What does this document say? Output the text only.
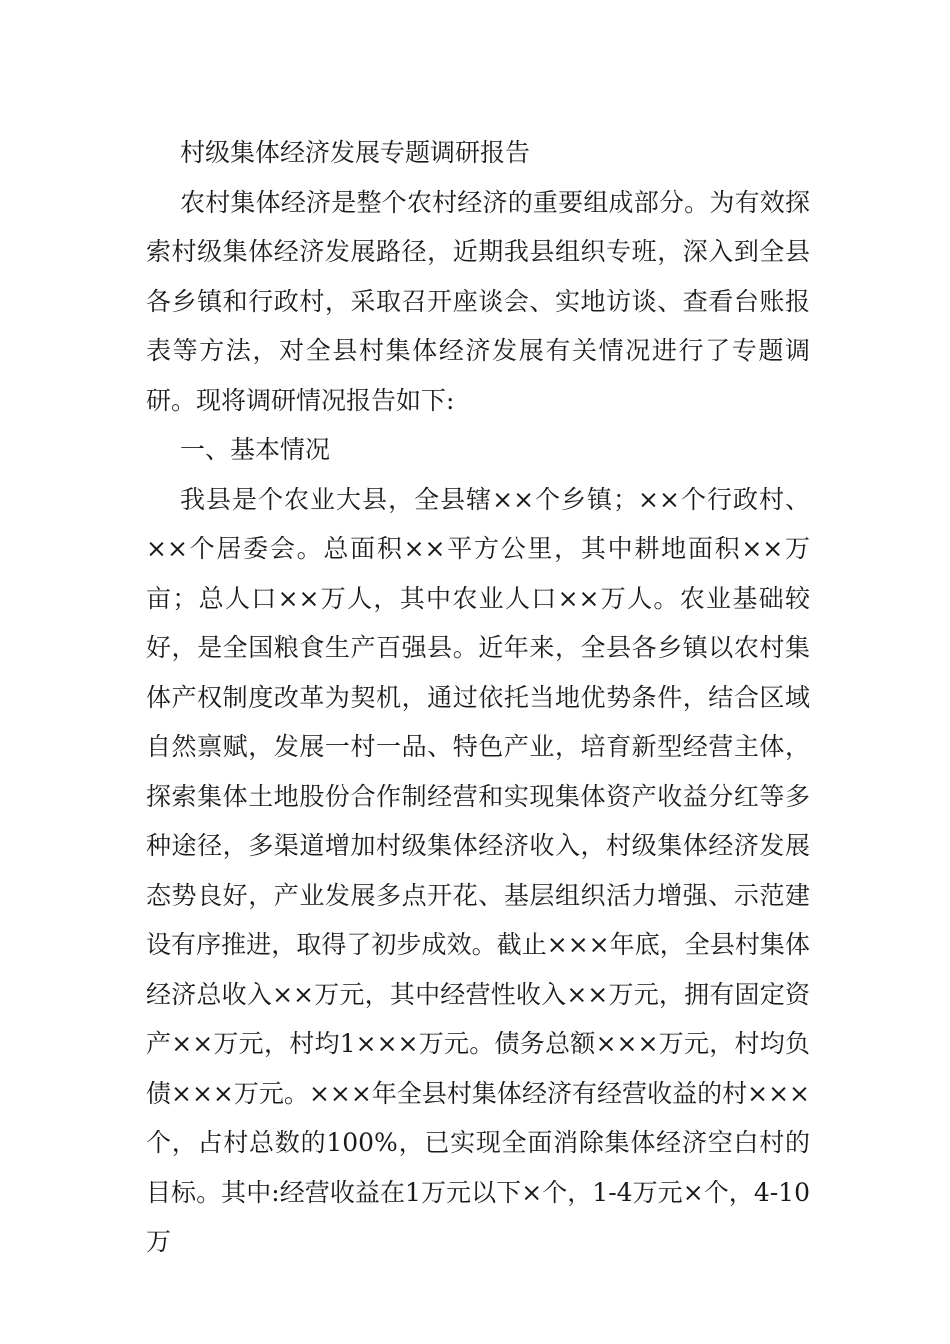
村级集体经济发展专题调研报告

农村集体经济是整个农村经济的重要组成部分。为有效探索村级集体经济发展路径，近期我县组织专班，深入到全县各乡镇和行政村，采取召开座谈会、实地访谈、查看台账报表等方法，对全县村集体经济发展有关情况进行了专题调研。现将调研情况报告如下:

一、基本情况

我县是个农业大县，全县辖××个乡镇；××个行政村、××个居委会。总面积××平方公里，其中耕地面积××万亩；总人口××万人，其中农业人口××万人。农业基础较好，是全国粮食生产百强县。近年来，全县各乡镇以农村集体产权制度改革为契机，通过依托当地优势条件，结合区域自然禀赋，发展一村一品、特色产业，培育新型经营主体，探索集体土地股份合作制经营和实现集体资产收益分红等多种途径，多渠道增加村级集体经济收入，村级集体经济发展态势良好，产业发展多点开花、基层组织活力增强、示范建设有序推进，取得了初步成效。截止×××年底，全县村集体经济总收入××万元，其中经营性收入××万元，拥有固定资产××万元，村均1×××万元。债务总额×××万元，村均负债×××万元。×××年全县村集体经济有经营收益的村×××个，占村总数的100%，已实现全面消除集体经济空白村的目标。其中:经营收益在1万元以下×个，1-4万元×个，4-10万
